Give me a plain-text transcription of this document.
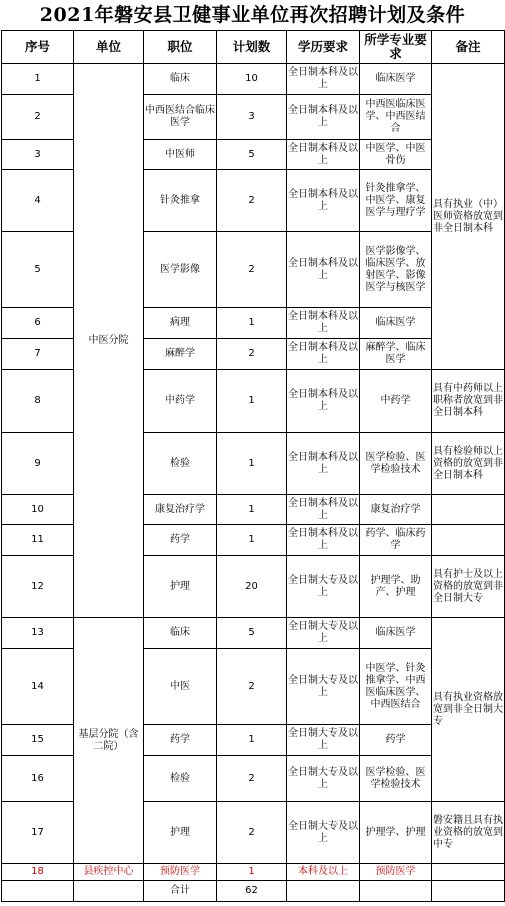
2021年磐安县卫健事业单位再次招聘计划及条件
序号	单位	职位	计划数	学历要求	所学专业要求	备注
1	中医分院	临床	10	全日制本科及以上	临床医学	具有执业（中）医师资格放宽到非全日制本科
2		中西医结合临床医学	3	全日制本科及以上	中西医临床医学、中西医结合	
3		中医师	5	全日制本科及以上	中医学、中医骨伤	
4		针灸推拿	2	全日制本科及以上	针灸推拿学、中医学、康复医学与理疗学	
5		医学影像	2	全日制本科及以上	医学影像学、临床医学、放射医学、影像医学与核医学	
6		病理	1	全日制本科及以上	临床医学	
7		麻醉学	2	全日制本科及以上	麻醉学、临床医学	
8		中药学	1	全日制本科及以上	中药学	具有中药师以上职称者放宽到非全日制本科
9		检验	1	全日制本科及以上	医学检验、医学检验技术	具有检验师以上资格的放宽到非全日制本科
10		康复治疗学	1	全日制本科及以上	康复治疗学	
11		药学	1	全日制本科及以上	药学、临床药学	
12		护理	20	全日制大专及以上	护理学、助产、护理	具有护士及以上资格的放宽到非全日制大专
13	基层分院（含二院）	临床	5	全日制大专及以上	临床医学	具有执业资格放宽到非全日制大专
14		中医	2	全日制大专及以上	中医学、针灸推拿学、中西医临床医学、中西医结合	
15		药学	1	全日制大专及以上	药学	
16		检验	2	全日制大专及以上	医学检验、医学检验技术	
17		护理	2	全日制大专及以上	护理学、护理	磐安籍且具有执业资格的放宽到中专
18	县疾控中心	预防医学	1	本科及以上	预防医学	
		合计	62			
